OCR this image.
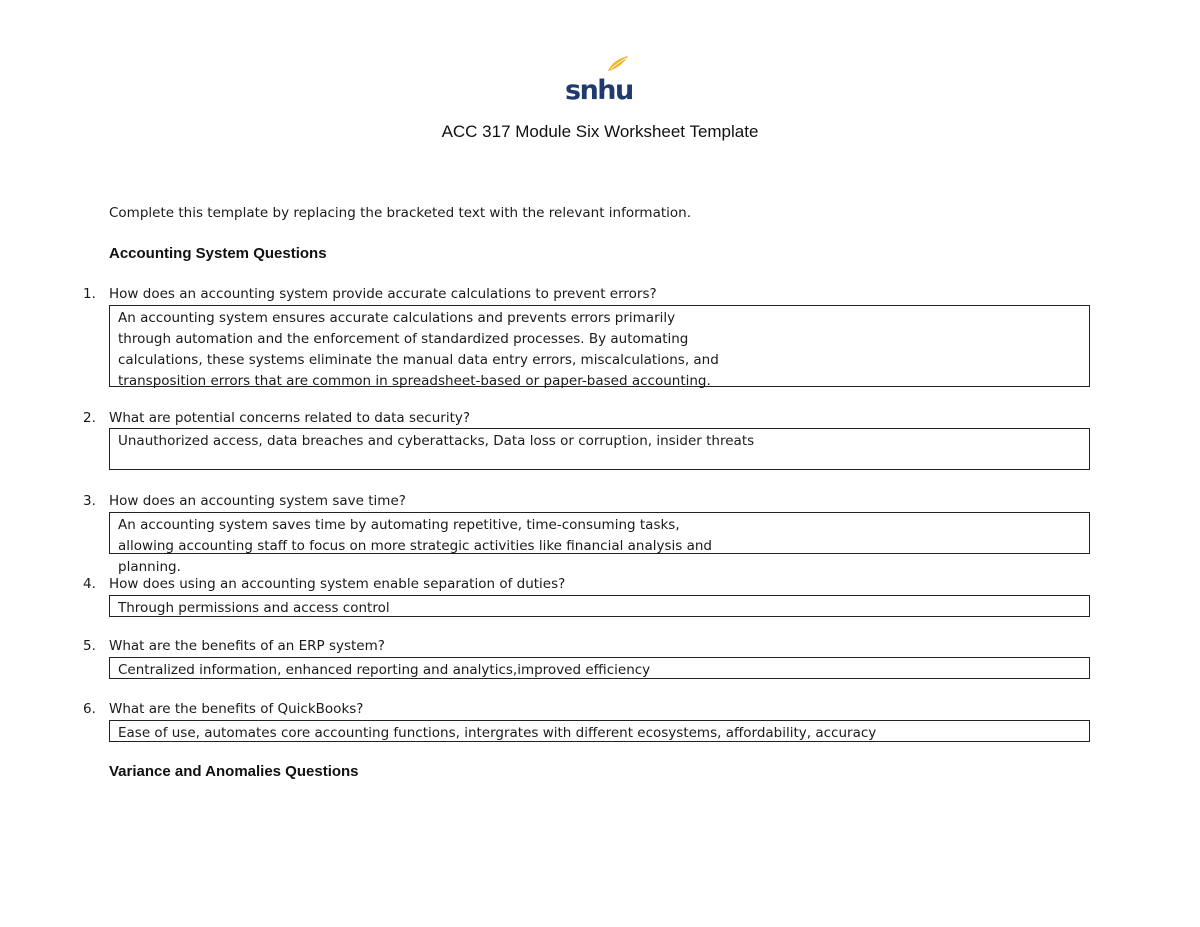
snhu
ACC 317 Module Six Worksheet Template

Complete this template by replacing the bracketed text with the relevant information.

Accounting System Questions

1. How does an accounting system provide accurate calculations to prevent errors?

An accounting system ensures accurate calculations and prevents errors primarily through automation and the enforcement of standardized processes. By automating calculations, these systems eliminate the manual data entry errors, miscalculations, and transposition errors that are common in spreadsheet-based or paper-based accounting.

2. What are potential concerns related to data security?

Unauthorized access, data breaches and cyberattacks, Data loss or corruption, insider threats

3. How does an accounting system save time?

An accounting system saves time by automating repetitive, time-consuming tasks, allowing accounting staff to focus on more strategic activities like financial analysis and planning.

4. How does using an accounting system enable separation of duties?

Through permissions and access control

5. What are the benefits of an ERP system?

Centralized information, enhanced reporting and analytics,improved efficiency

6. What are the benefits of QuickBooks?

Ease of use, automates core accounting functions, intergrates with different ecosystems, affordability, accuracy
Variance and Anomalies Questions
